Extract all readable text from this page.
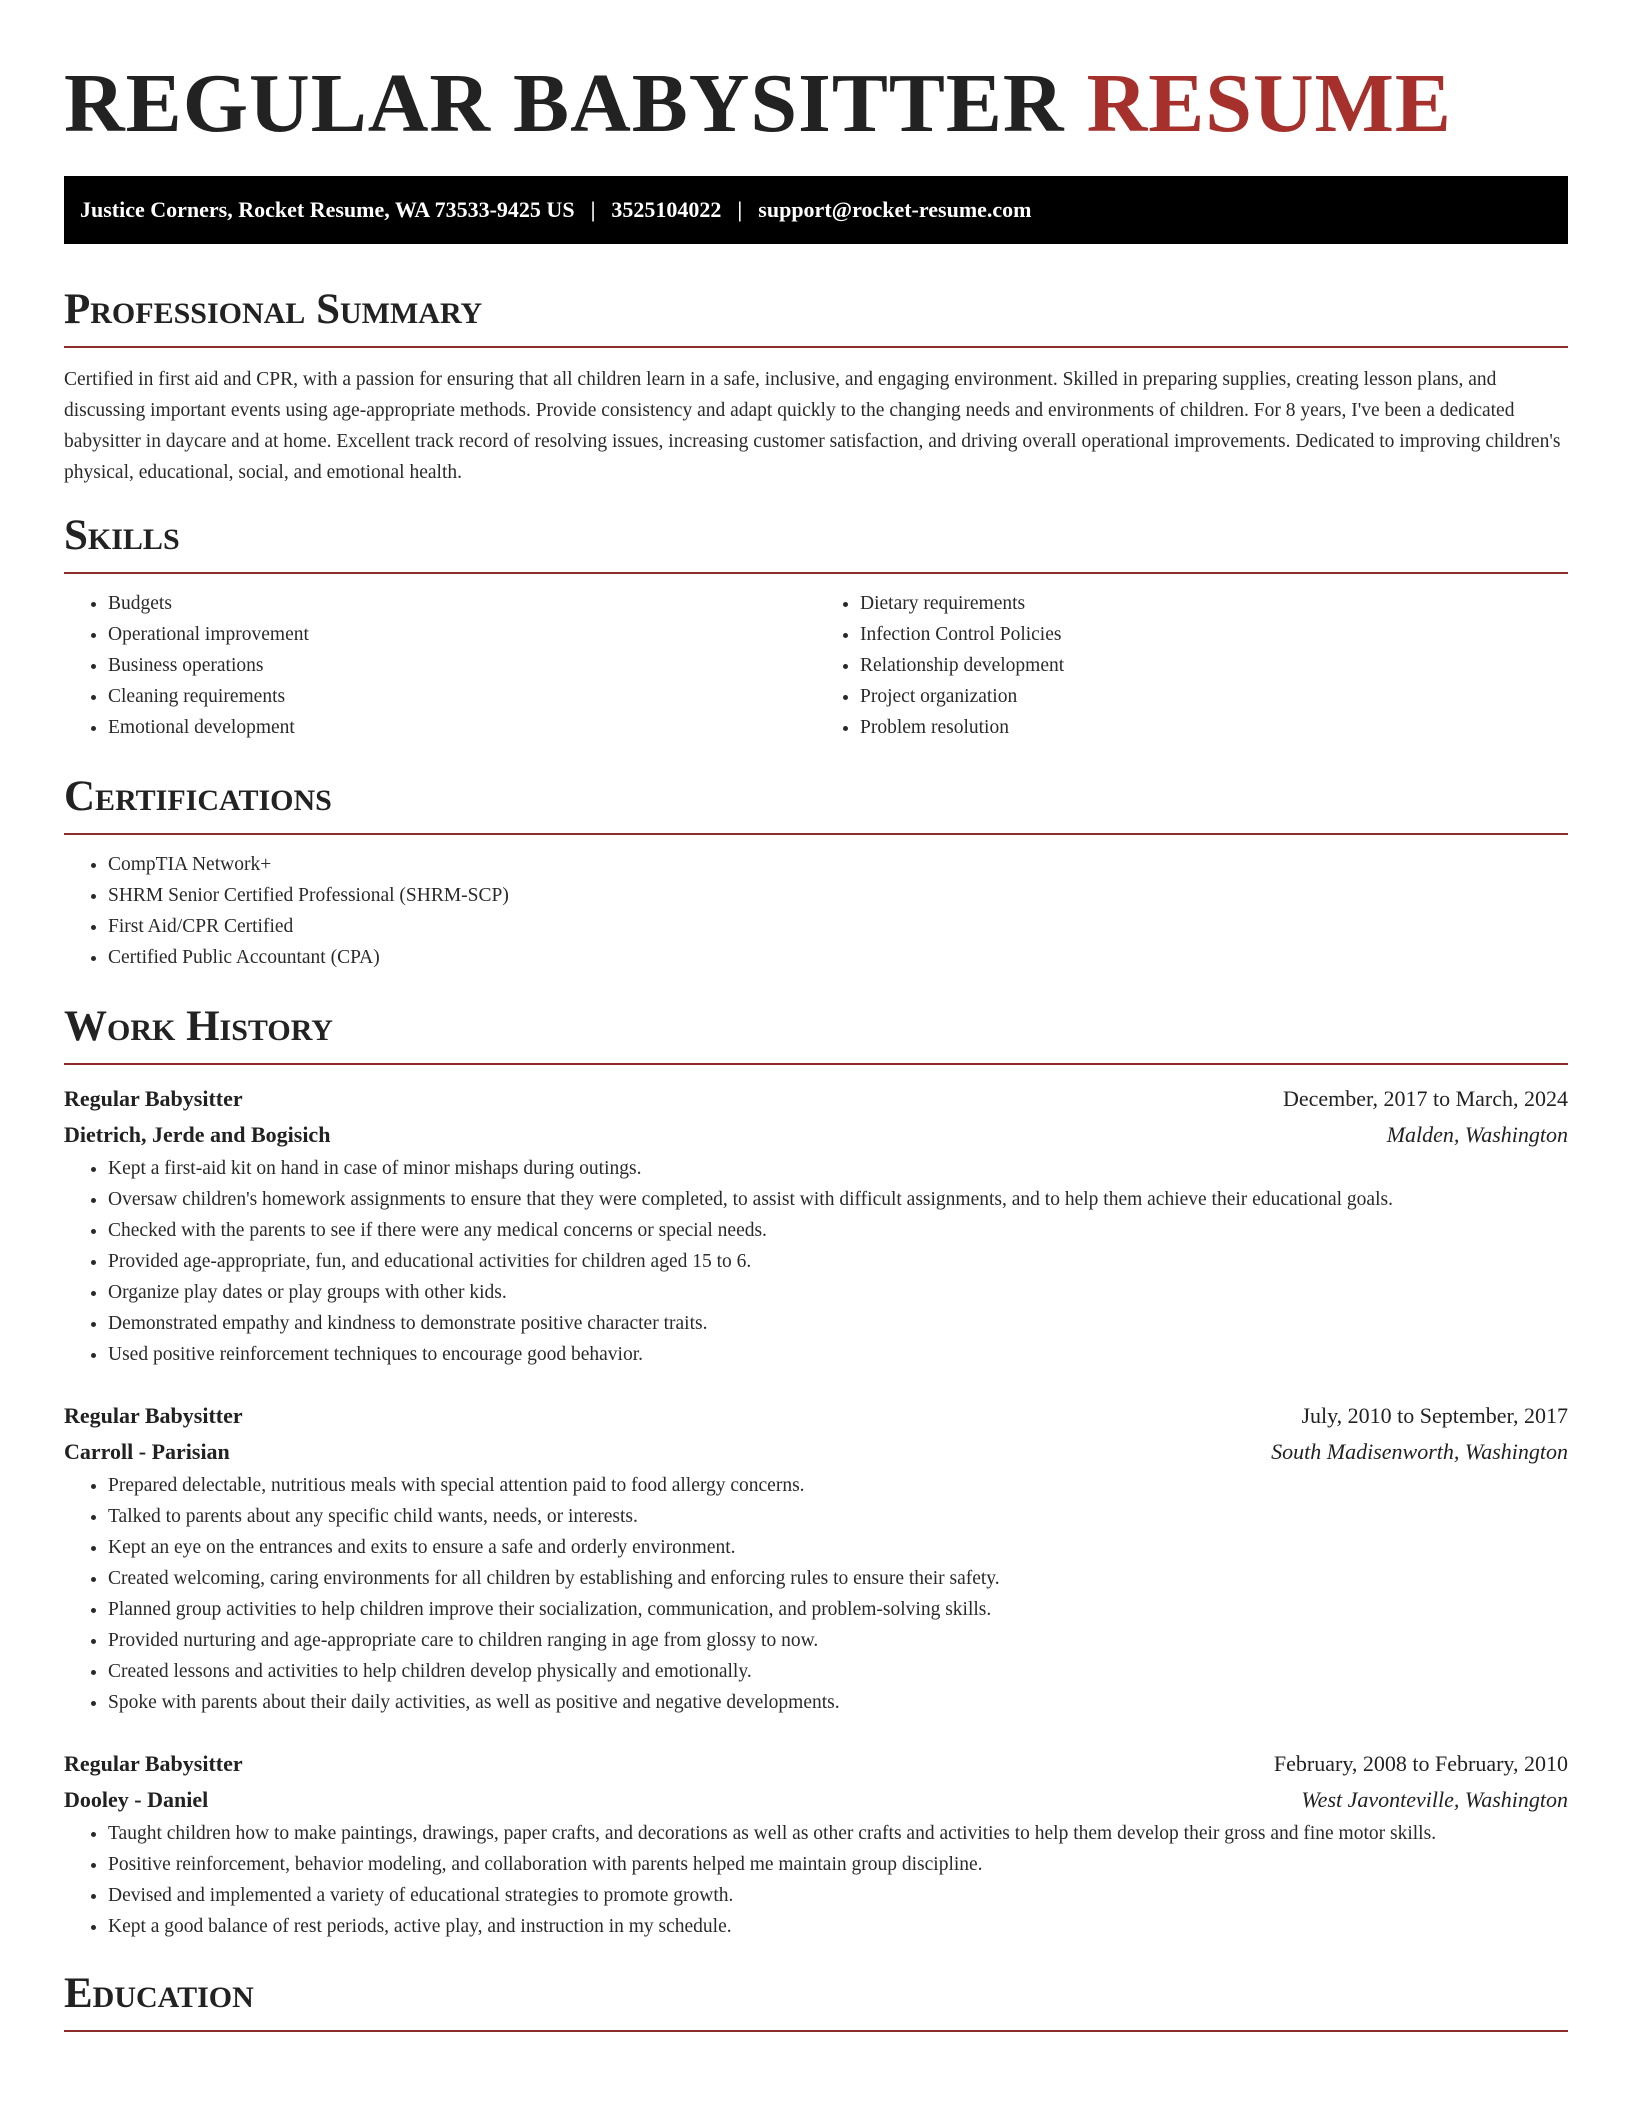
REGULAR BABYSITTER RESUME
Justice Corners, Rocket Resume, WA 73533-9425 US | 3525104022 | support@rocket-resume.com
Professional Summary

Certified in first aid and CPR, with a passion for ensuring that all children learn in a safe, inclusive, and engaging environment. Skilled in preparing supplies, creating lesson plans, and discussing important events using age-appropriate methods. Provide consistency and adapt quickly to the changing needs and environments of children. For 8 years, I've been a dedicated babysitter in daycare and at home. Excellent track record of resolving issues, increasing customer satisfaction, and driving overall operational improvements. Dedicated to improving children's physical, educational, social, and emotional health.

Skills
• Budgets
• Operational improvement
• Business operations
• Cleaning requirements
• Emotional development
• Dietary requirements
• Infection Control Policies
• Relationship development
• Project organization
• Problem resolution
Certifications
• CompTIA Network+
• SHRM Senior Certified Professional (SHRM-SCP)
• First Aid/CPR Certified
• Certified Public Accountant (CPA)
Work History
Regular Babysitter	December, 2017 to March, 2024
Dietrich, Jerde and Bogisich	Malden, Washington
• Kept a first-aid kit on hand in case of minor mishaps during outings.
• Oversaw children's homework assignments to ensure that they were completed, to assist with difficult assignments, and to help them achieve their educational goals.
• Checked with the parents to see if there were any medical concerns or special needs.
• Provided age-appropriate, fun, and educational activities for children aged 15 to 6.
• Organize play dates or play groups with other kids.
• Demonstrated empathy and kindness to demonstrate positive character traits.
• Used positive reinforcement techniques to encourage good behavior.
Regular Babysitter	July, 2010 to September, 2017
Carroll - Parisian	South Madisenworth, Washington
• Prepared delectable, nutritious meals with special attention paid to food allergy concerns.
• Talked to parents about any specific child wants, needs, or interests.
• Kept an eye on the entrances and exits to ensure a safe and orderly environment.
• Created welcoming, caring environments for all children by establishing and enforcing rules to ensure their safety.
• Planned group activities to help children improve their socialization, communication, and problem-solving skills.
• Provided nurturing and age-appropriate care to children ranging in age from glossy to now.
• Created lessons and activities to help children develop physically and emotionally.
• Spoke with parents about their daily activities, as well as positive and negative developments.
Regular Babysitter	February, 2008 to February, 2010
Dooley - Daniel	West Javonteville, Washington
• Taught children how to make paintings, drawings, paper crafts, and decorations as well as other crafts and activities to help them develop their gross and fine motor skills.
• Positive reinforcement, behavior modeling, and collaboration with parents helped me maintain group discipline.
• Devised and implemented a variety of educational strategies to promote growth.
• Kept a good balance of rest periods, active play, and instruction in my schedule.
Education
